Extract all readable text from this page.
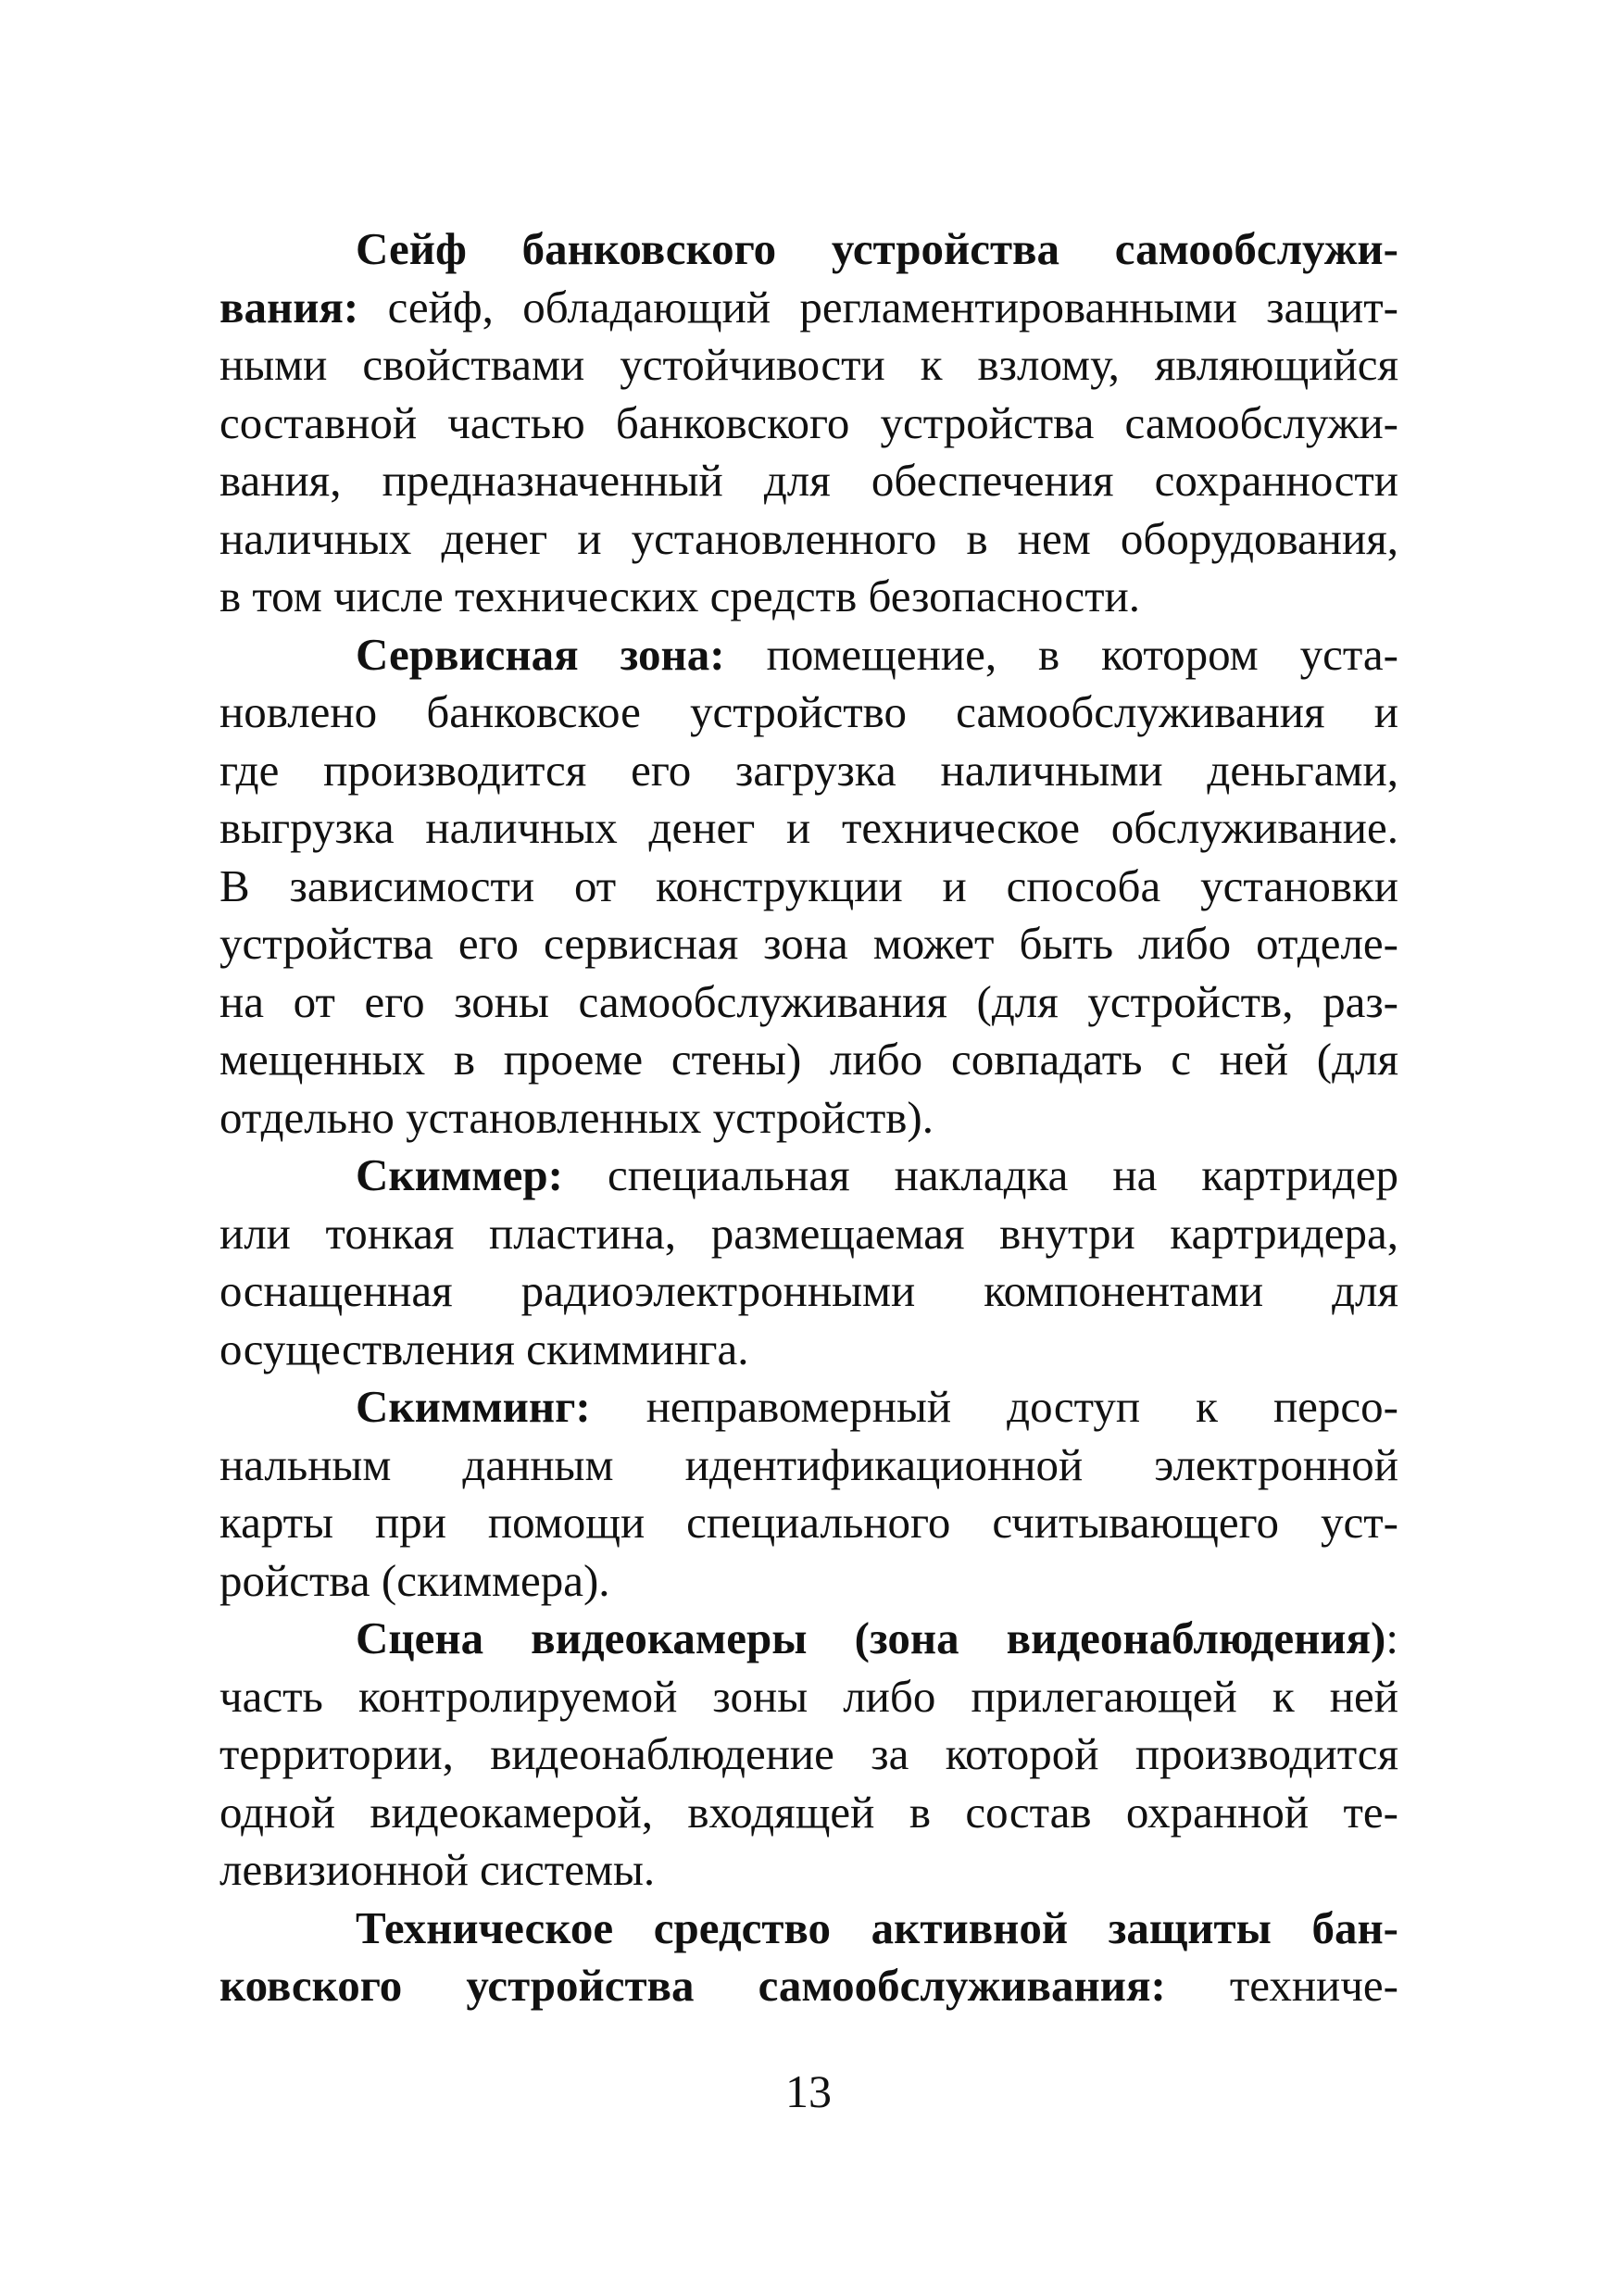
Сейф банковского устройства самообслужи-
вания: сейф, обладающий регламентированными защит-
ными свойствами устойчивости к взлому, являющийся
составной частью банковского устройства самообслужи-
вания, предназначенный для обеспечения сохранности
наличных денег и установленного в нем оборудования,
в том числе технических средств безопасности.
Сервисная зона: помещение, в котором уста-
новлено банковское устройство самообслуживания и
где производится его загрузка наличными деньгами,
выгрузка наличных денег и техническое обслуживание.
В зависимости от конструкции и способа установки
устройства его сервисная зона может быть либо отделе-
на от его зоны самообслуживания (для устройств, раз-
мещенных в проеме стены) либо совпадать с ней (для
отдельно установленных устройств).
Скиммер: специальная накладка на картридер
или тонкая пластина, размещаемая внутри картридера,
оснащенная радиоэлектронными компонентами для
осуществления скимминга.
Скимминг: неправомерный доступ к персо-
нальным данным идентификационной электронной
карты при помощи специального считывающего уст-
ройства (скиммера).
Сцена видеокамеры (зона видеонаблюдения):
часть контролируемой зоны либо прилегающей к ней
территории, видеонаблюдение за которой производится
одной видеокамерой, входящей в состав охранной те-
левизионной системы.
Техническое средство активной защиты бан-
ковского устройства самообслуживания: техниче-
13
